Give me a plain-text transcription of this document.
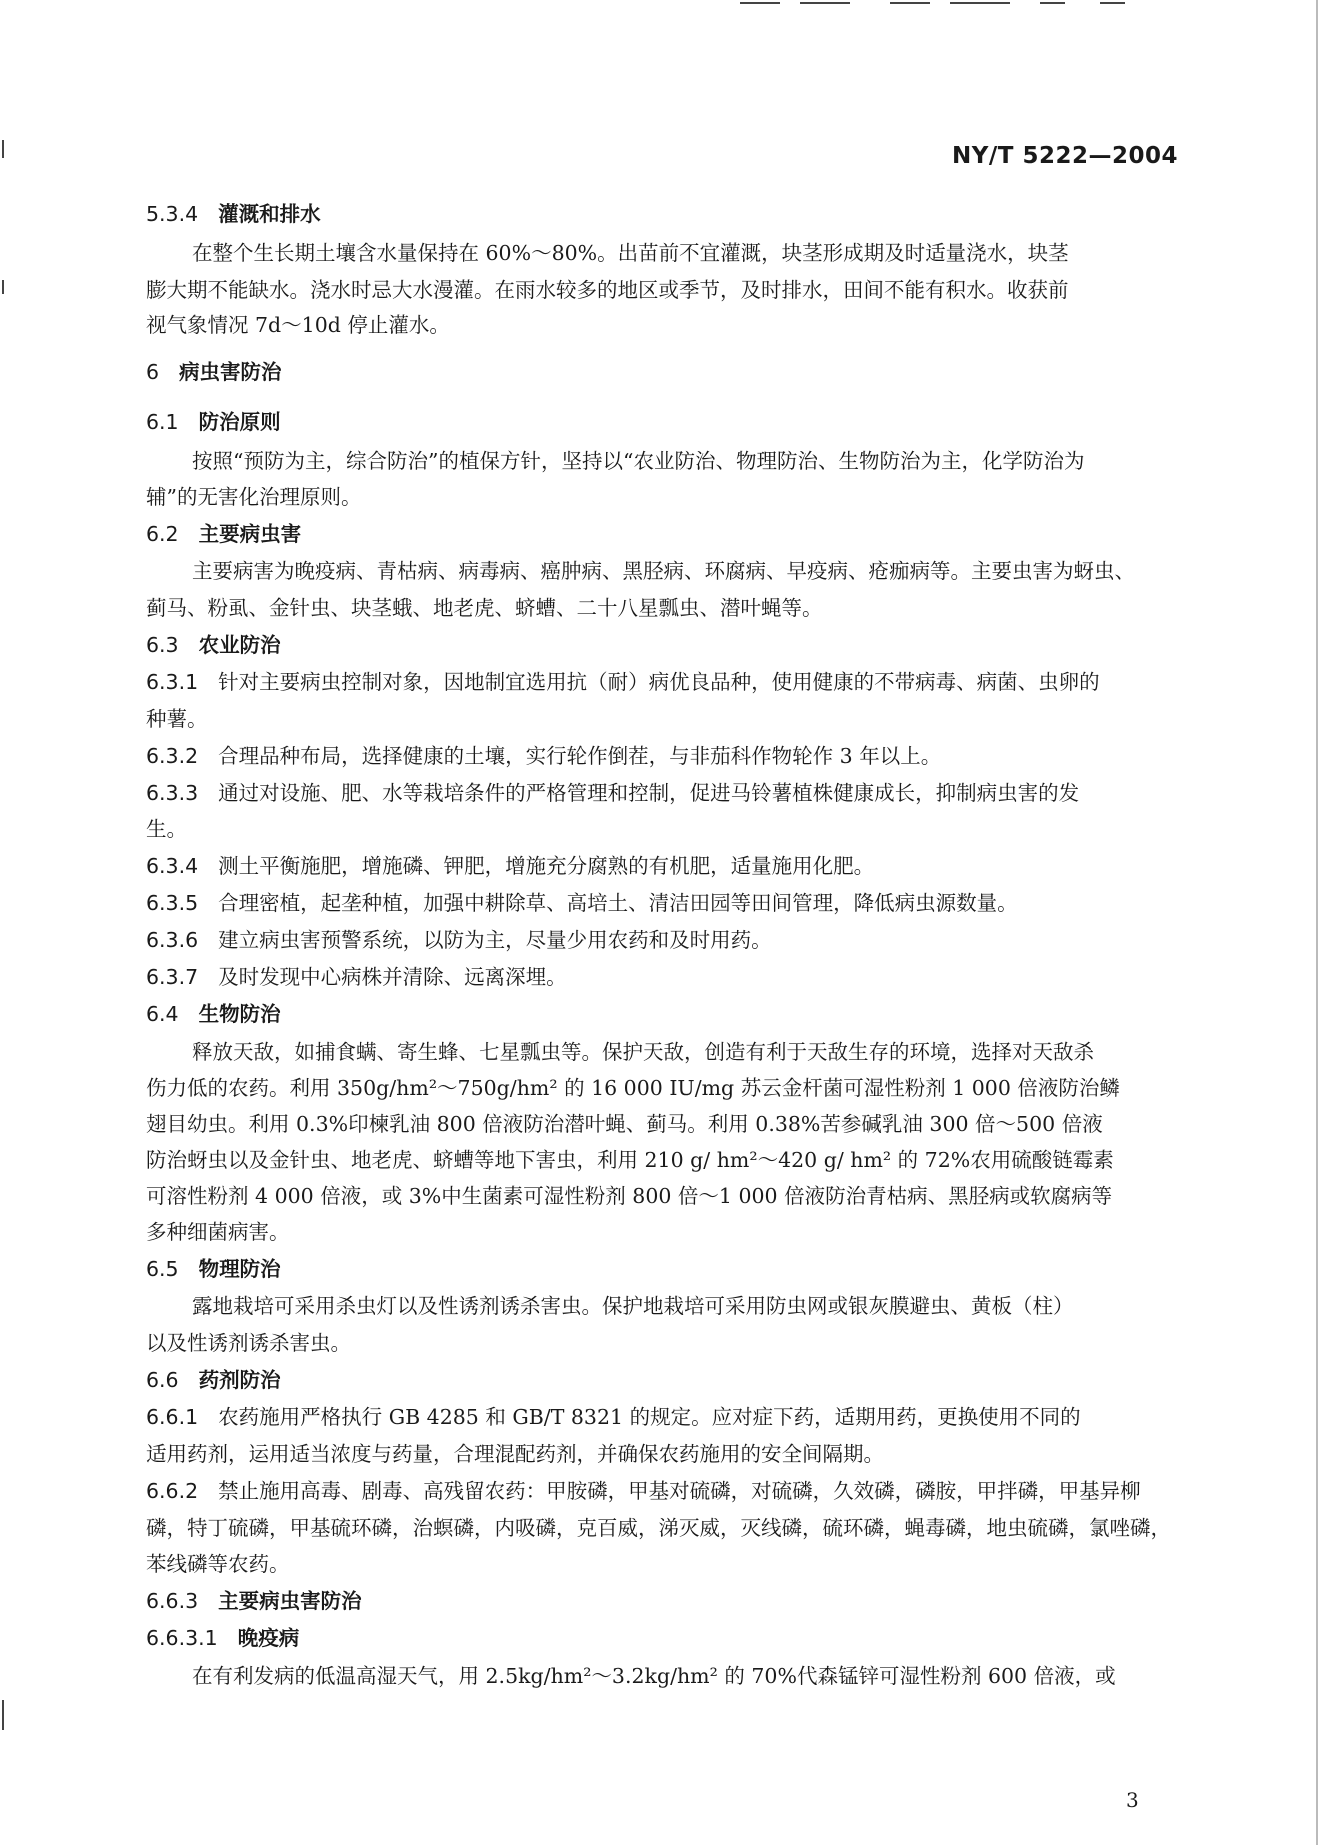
NY/T 5222—2004
5.3.4 灌溉和排水
在整个生长期土壤含水量保持在 60%～80%。出苗前不宜灌溉，块茎形成期及时适量浇水，块茎
膨大期不能缺水。浇水时忌大水漫灌。在雨水较多的地区或季节，及时排水，田间不能有积水。收获前
视气象情况 7d～10d 停止灌水。
6 病虫害防治
6.1 防治原则
按照“预防为主，综合防治”的植保方针，坚持以“农业防治、物理防治、生物防治为主，化学防治为
辅”的无害化治理原则。
6.2 主要病虫害
主要病害为晚疫病、青枯病、病毒病、癌肿病、黑胫病、环腐病、早疫病、疮痂病等。主要虫害为蚜虫、
蓟马、粉虱、金针虫、块茎蛾、地老虎、蛴螬、二十八星瓢虫、潜叶蝇等。
6.3 农业防治
6.3.1 针对主要病虫控制对象，因地制宜选用抗（耐）病优良品种，使用健康的不带病毒、病菌、虫卵的
种薯。
6.3.2 合理品种布局，选择健康的土壤，实行轮作倒茬，与非茄科作物轮作 3 年以上。
6.3.3 通过对设施、肥、水等栽培条件的严格管理和控制，促进马铃薯植株健康成长，抑制病虫害的发
生。
6.3.4 测土平衡施肥，增施磷、钾肥，增施充分腐熟的有机肥，适量施用化肥。
6.3.5 合理密植，起垄种植，加强中耕除草、高培土、清洁田园等田间管理，降低病虫源数量。
6.3.6 建立病虫害预警系统，以防为主，尽量少用农药和及时用药。
6.3.7 及时发现中心病株并清除、远离深埋。
6.4 生物防治
释放天敌，如捕食螨、寄生蜂、七星瓢虫等。保护天敌，创造有利于天敌生存的环境，选择对天敌杀
伤力低的农药。利用 350g/hm²～750g/hm² 的 16 000 IU/mg 苏云金杆菌可湿性粉剂 1 000 倍液防治鳞
翅目幼虫。利用 0.3%印楝乳油 800 倍液防治潜叶蝇、蓟马。利用 0.38%苦参碱乳油 300 倍～500 倍液
防治蚜虫以及金针虫、地老虎、蛴螬等地下害虫，利用 210 g/ hm²～420 g/ hm² 的 72%农用硫酸链霉素
可溶性粉剂 4 000 倍液，或 3%中生菌素可湿性粉剂 800 倍～1 000 倍液防治青枯病、黑胫病或软腐病等
多种细菌病害。
6.5 物理防治
露地栽培可采用杀虫灯以及性诱剂诱杀害虫。保护地栽培可采用防虫网或银灰膜避虫、黄板（柱）
以及性诱剂诱杀害虫。
6.6 药剂防治
6.6.1 农药施用严格执行 GB 4285 和 GB/T 8321 的规定。应对症下药，适期用药，更换使用不同的
适用药剂，运用适当浓度与药量，合理混配药剂，并确保农药施用的安全间隔期。
6.6.2 禁止施用高毒、剧毒、高残留农药：甲胺磷，甲基对硫磷，对硫磷，久效磷，磷胺，甲拌磷，甲基异柳
磷，特丁硫磷，甲基硫环磷，治螟磷，内吸磷，克百威，涕灭威，灭线磷，硫环磷，蝇毒磷，地虫硫磷，氯唑磷，
苯线磷等农药。
6.6.3 主要病虫害防治
6.6.3.1 晚疫病
在有利发病的低温高湿天气，用 2.5kg/hm²～3.2kg/hm² 的 70%代森锰锌可湿性粉剂 600 倍液，或
3
